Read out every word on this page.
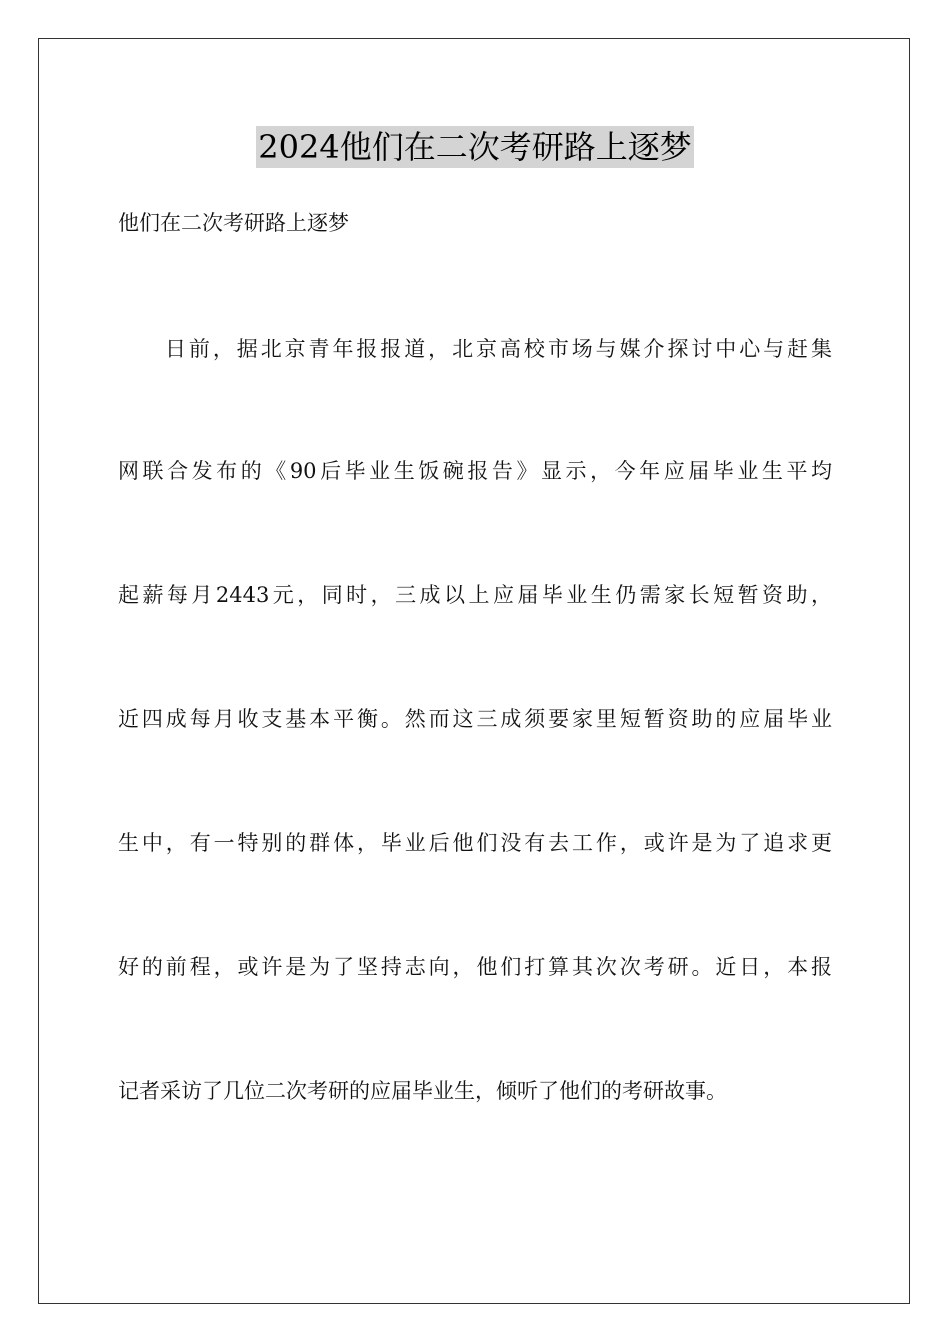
2024他们在二次考研路上逐梦
他们在二次考研路上逐梦
日前，据北京青年报报道，北京高校市场与媒介探讨中心与赶集
网联合发布的《90后毕业生饭碗报告》显示，今年应届毕业生平均
起薪每月2443元，同时，三成以上应届毕业生仍需家长短暂资助，
近四成每月收支基本平衡。然而这三成须要家里短暂资助的应届毕业
生中，有一特别的群体，毕业后他们没有去工作，或许是为了追求更
好的前程，或许是为了坚持志向，他们打算其次次考研。近日，本报
记者采访了几位二次考研的应届毕业生，倾听了他们的考研故事。
